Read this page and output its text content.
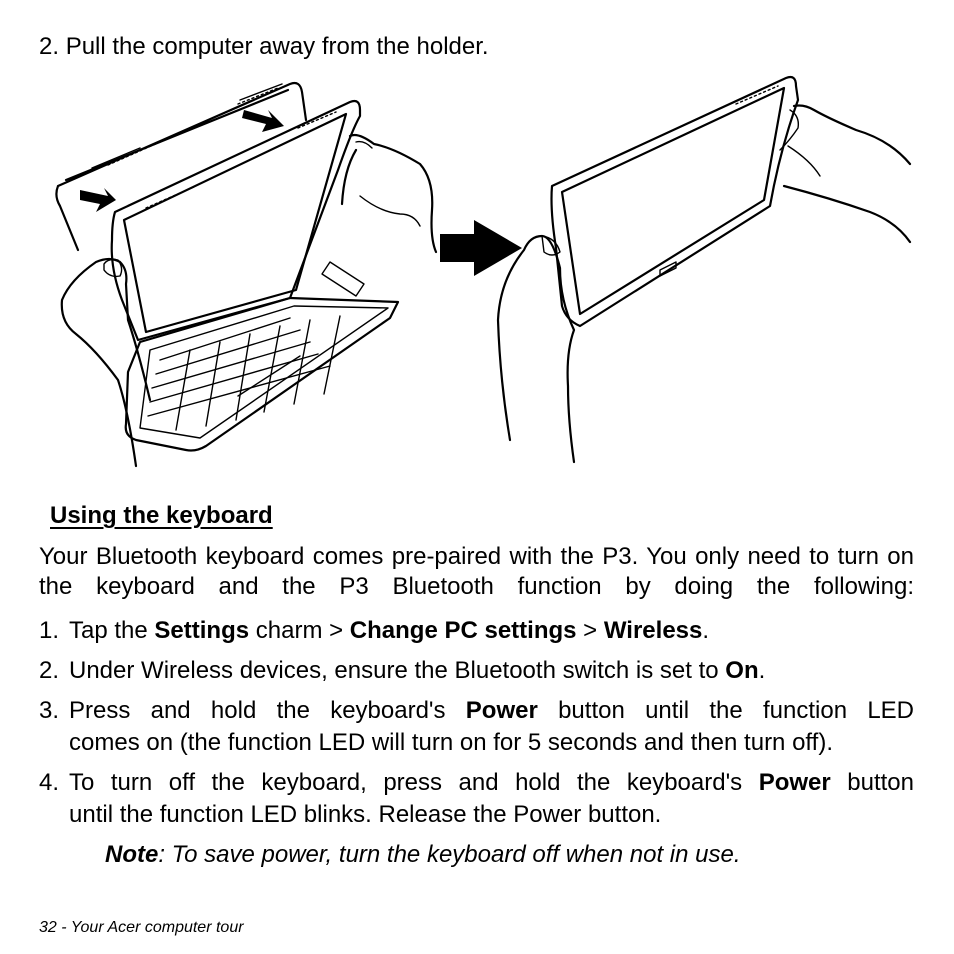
2. Pull the computer away from the holder.
Using the keyboard
Your Bluetooth keyboard comes pre-paired with the P3. You only need to turn on the keyboard and the P3 Bluetooth function by doing the following:
1. Tap the Settings charm > Change PC settings > Wireless.
2. Under Wireless devices, ensure the Bluetooth switch is set to On.
3. Press and hold the keyboard's Power button until the function LED
comes on (the function LED will turn on for 5 seconds and then turn off).
4. To turn off the keyboard, press and hold the keyboard's Power button
until the function LED blinks. Release the Power button.
Note: To save power, turn the keyboard off when not in use.
32 - Your Acer computer tour
